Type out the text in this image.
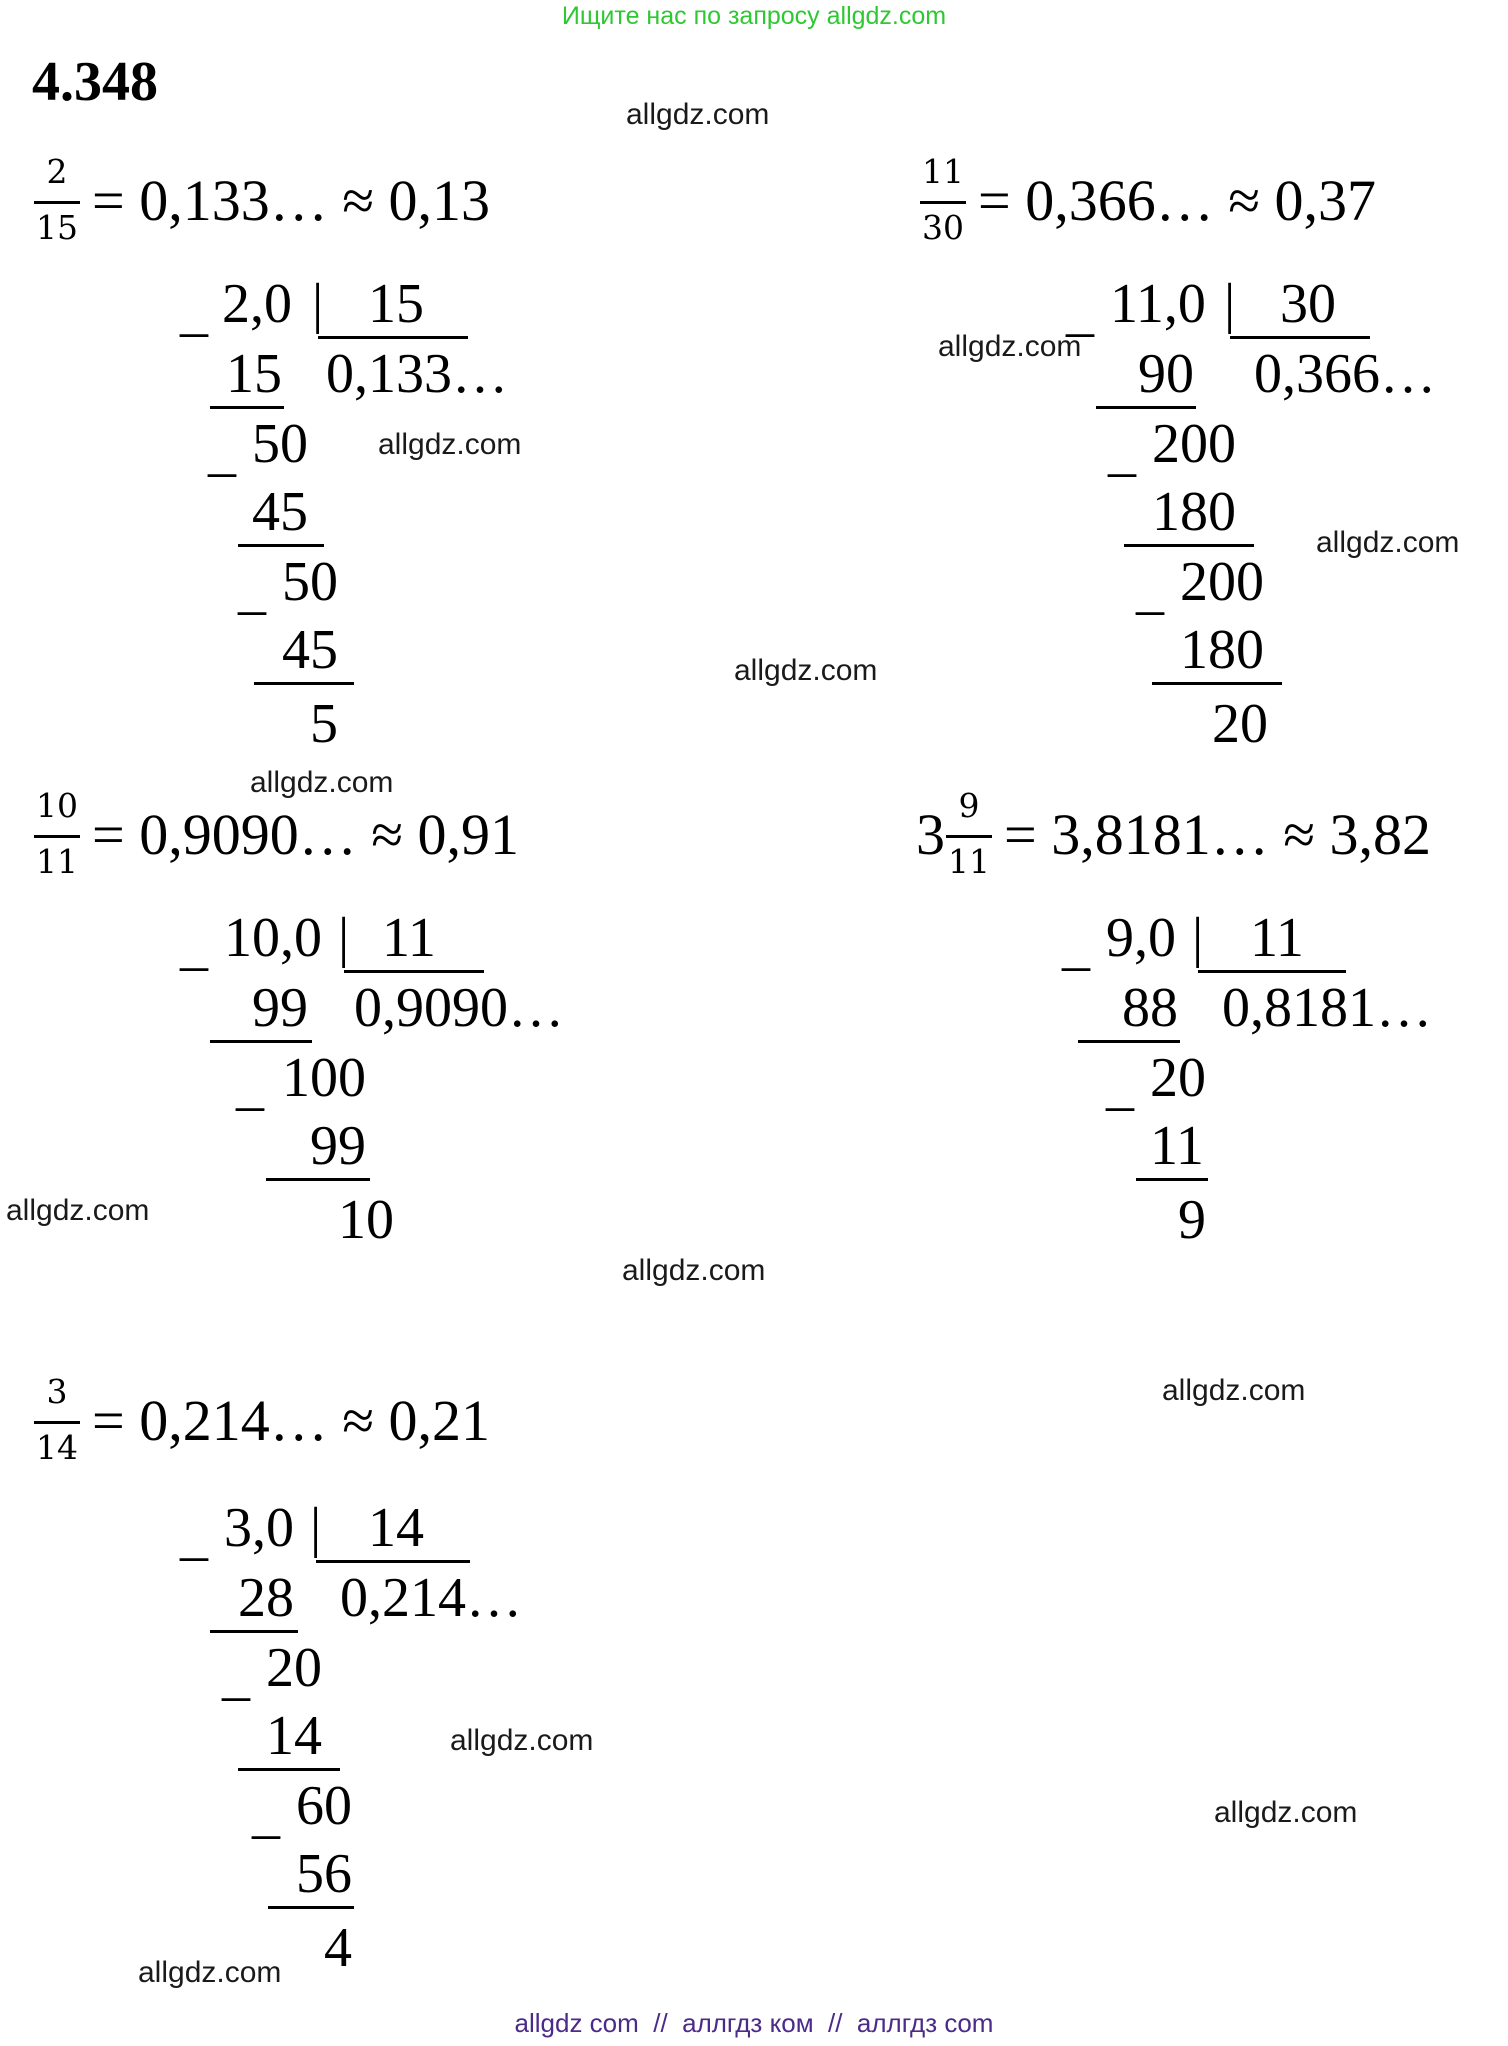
Ищите нас по запросу allgdz.com
4.348
allgdz.com
allgdz.com
allgdz.com
allgdz.com
allgdz.com
allgdz.com
allgdz.com
allgdz.com
allgdz.com
allgdz.com
allgdz.com
allgdz.com
2
15 = 0,133… ≈ 0,13
_ 2,0 | 15
15 0,133…
_ 50
45
_ 50
45
5
11
30 = 0,366… ≈ 0,37
_ 11,0 | 30
90 0,366…
_ 200
180
_ 200
180
20
10
11 = 0,9090… ≈ 0,91
_ 10,0 | 11
99 0,9090…
_ 100
99
10
3 9
11 = 3,8181… ≈ 3,82
_ 9,0 | 11
88 0,8181…
_ 20
11
9
3
14 = 0,214… ≈ 0,21
_ 3,0 | 14
28 0,214…
_ 20
14
_ 60
56
4
allgdz com  //  аллгдз ком  //  аллгдз com
